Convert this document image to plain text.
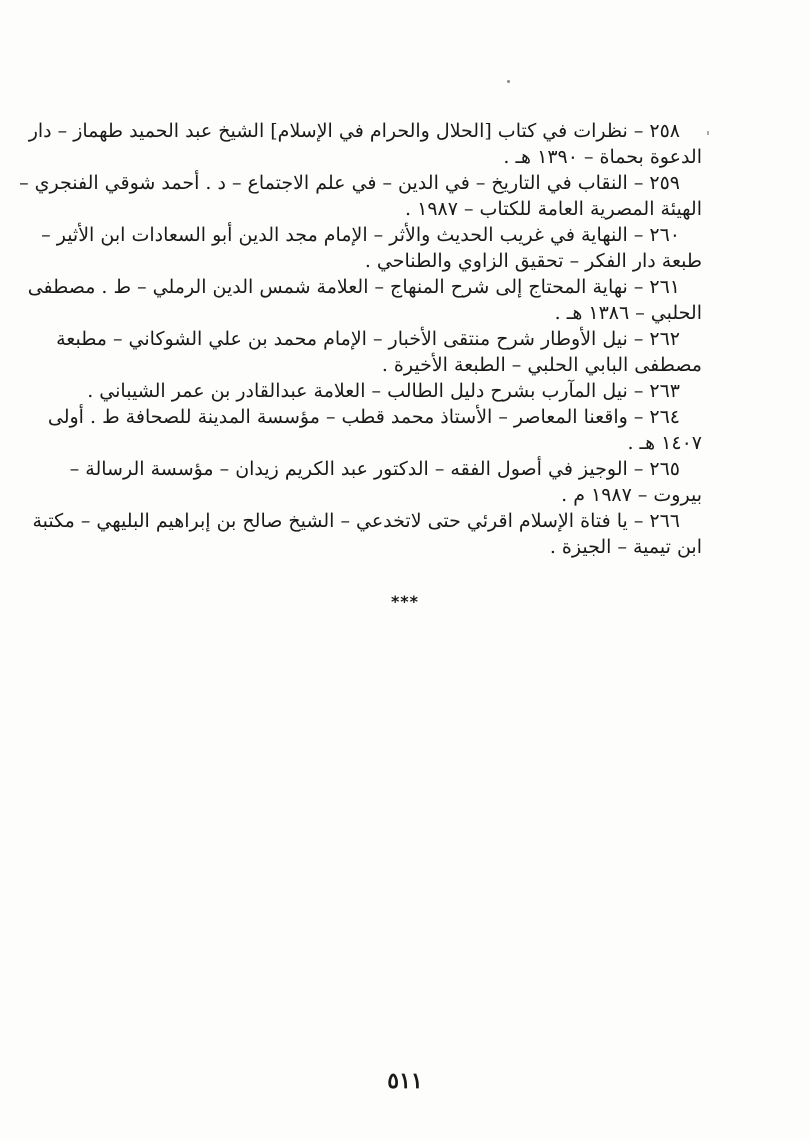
٢٥٨ – نظرات في كتاب [الحلال والحرام في الإسلام] الشيخ عبد الحميد طهماز – دار
الدعوة بحماة – ١٣٩٠ هـ .
٢٥٩ – النقاب في التاريخ – في الدين – في علم الاجتماع – د . أحمد شوقي الفنجري –
الهيئة المصرية العامة للكتاب – ١٩٨٧ .
٢٦٠ – النهاية في غريب الحديث والأثر – الإمام مجد الدين أبو السعادات ابن الأثير –
طبعة دار الفكر – تحقيق الزاوي والطناحي .
٢٦١ – نهاية المحتاج إلى شرح المنهاج – العلامة شمس الدين الرملي – ط . مصطفى
الحلبي – ١٣٨٦ هـ .
٢٦٢ – نيل الأوطار شرح منتقى الأخبار – الإمام محمد بن علي الشوكاني – مطبعة
مصطفى البابي الحلبي – الطبعة الأخيرة .
٢٦٣ – نيل المآرب بشرح دليل الطالب – العلامة عبدالقادر بن عمر الشيباني .
٢٦٤ – واقعنا المعاصر – الأستاذ محمد قطب – مؤسسة المدينة للصحافة ط . أولى
١٤٠٧ هـ .
٢٦٥ – الوجيز في أصول الفقه – الدكتور عبد الكريم زيدان – مؤسسة الرسالة –
بيروت – ١٩٨٧ م .
٢٦٦ – يا فتاة الإسلام اقرئي حتى لاتخدعي – الشيخ صالح بن إبراهيم البليهي – مكتبة
ابن تيمية – الجيزة .
***
٥١١
